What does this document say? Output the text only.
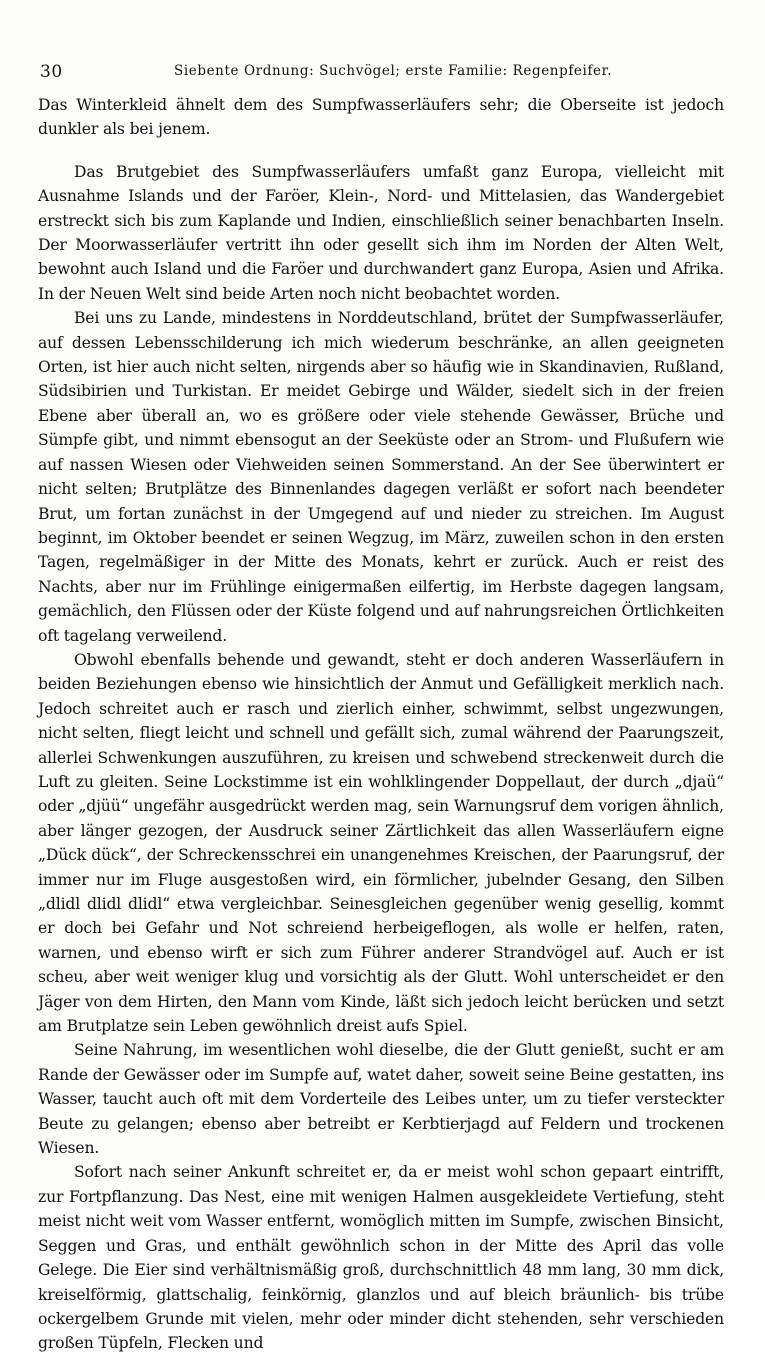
30	Siebente Ordnung: Suchvögel; erste Familie: Regenpfeifer.

Das Winterkleid ähnelt dem des Sumpfwasserläufers sehr; die Oberseite ist jedoch dunkler als bei jenem.

Das Brutgebiet des Sumpfwasserläufers umfaßt ganz Europa, vielleicht mit Ausnahme Islands und der Faröer, Klein-, Nord- und Mittelasien, das Wandergebiet erstreckt sich bis zum Kaplande und Indien, einschließlich seiner benachbarten Inseln. Der Moorwasserläufer vertritt ihn oder gesellt sich ihm im Norden der Alten Welt, bewohnt auch Island und die Faröer und durchwandert ganz Europa, Asien und Afrika. In der Neuen Welt sind beide Arten noch nicht beobachtet worden.

Bei uns zu Lande, mindestens in Norddeutschland, brütet der Sumpfwasserläufer, auf dessen Lebensschilderung ich mich wiederum beschränke, an allen geeigneten Orten, ist hier auch nicht selten, nirgends aber so häufig wie in Skandinavien, Rußland, Südsibirien und Turkistan. Er meidet Gebirge und Wälder, siedelt sich in der freien Ebene aber überall an, wo es größere oder viele stehende Gewässer, Brüche und Sümpfe gibt, und nimmt ebensogut an der Seeküste oder an Strom- und Flußufern wie auf nassen Wiesen oder Viehweiden seinen Sommerstand. An der See überwintert er nicht selten; Brutplätze des Binnenlandes dagegen verläßt er sofort nach beendeter Brut, um fortan zunächst in der Umgegend auf und nieder zu streichen. Im August beginnt, im Oktober beendet er seinen Wegzug, im März, zuweilen schon in den ersten Tagen, regelmäßiger in der Mitte des Monats, kehrt er zurück. Auch er reist des Nachts, aber nur im Frühlinge einigermaßen eilfertig, im Herbste dagegen langsam, gemächlich, den Flüssen oder der Küste folgend und auf nahrungsreichen Örtlichkeiten oft tagelang verweilend.

Obwohl ebenfalls behende und gewandt, steht er doch anderen Wasserläufern in beiden Beziehungen ebenso wie hinsichtlich der Anmut und Gefälligkeit merklich nach. Jedoch schreitet auch er rasch und zierlich einher, schwimmt, selbst ungezwungen, nicht selten, fliegt leicht und schnell und gefällt sich, zumal während der Paarungszeit, allerlei Schwenkungen auszuführen, zu kreisen und schwebend streckenweit durch die Luft zu gleiten. Seine Lockstimme ist ein wohlklingender Doppellaut, der durch „djaü“ oder „djüü“ ungefähr ausgedrückt werden mag, sein Warnungsruf dem vorigen ähnlich, aber länger gezogen, der Ausdruck seiner Zärtlichkeit das allen Wasserläufern eigne „Dück dück“, der Schreckensschrei ein unangenehmes Kreischen, der Paarungsruf, der immer nur im Fluge ausgestoßen wird, ein förmlicher, jubelnder Gesang, den Silben „dlidl dlidl dlidl“ etwa vergleichbar. Seinesgleichen gegenüber wenig gesellig, kommt er doch bei Gefahr und Not schreiend herbeigeflogen, als wolle er helfen, raten, warnen, und ebenso wirft er sich zum Führer anderer Strandvögel auf. Auch er ist scheu, aber weit weniger klug und vorsichtig als der Glutt. Wohl unterscheidet er den Jäger von dem Hirten, den Mann vom Kinde, läßt sich jedoch leicht berücken und setzt am Brutplatze sein Leben gewöhnlich dreist aufs Spiel.

Seine Nahrung, im wesentlichen wohl dieselbe, die der Glutt genießt, sucht er am Rande der Gewässer oder im Sumpfe auf, watet daher, soweit seine Beine gestatten, ins Wasser, taucht auch oft mit dem Vorderteile des Leibes unter, um zu tiefer versteckter Beute zu gelangen; ebenso aber betreibt er Kerbtierjagd auf Feldern und trockenen Wiesen.

Sofort nach seiner Ankunft schreitet er, da er meist wohl schon gepaart eintrifft, zur Fortpflanzung. Das Nest, eine mit wenigen Halmen ausgekleidete Vertiefung, steht meist nicht weit vom Wasser entfernt, womöglich mitten im Sumpfe, zwischen Binsicht, Seggen und Gras, und enthält gewöhnlich schon in der Mitte des April das volle Gelege. Die Eier sind verhältnismäßig groß, durchschnittlich 48 mm lang, 30 mm dick, kreiselförmig, glattschalig, feinkörnig, glanzlos und auf bleich bräunlich- bis trübe ockergelbem Grunde mit vielen, mehr oder minder dicht stehenden, sehr verschieden großen Tüpfeln, Flecken und
